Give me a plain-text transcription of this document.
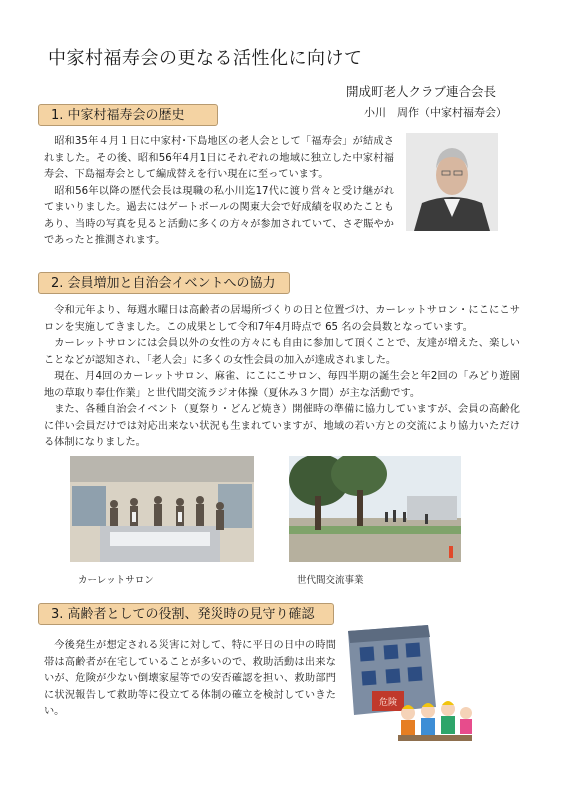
中家村福寿会の更なる活性化に向けて
開成町老人クラブ連合会長
小川　周作（中家村福寿会）
1. 中家村福寿会の歴史

昭和35年４月１日に中家村･下島地区の老人会として「福寿会」が結成されました。その後、昭和56年4月1日にそれぞれの地域に独立した中家村福寿会、下島福寿会として編成替えを行い現在に至っています。

昭和56年以降の歴代会長は現職の私小川迄17代に渡り営々と受け継がれてまいりました。過去にはゲートボールの関東大会で好成績を収めたこともあり、当時の写真を見ると活動に多くの方々が参加されていて、さぞ賑やかであったと推測されます。

2. 会員増加と自治会イベントへの協力

令和元年より、毎週水曜日は高齢者の居場所づくりの日と位置づけ、カーレットサロン・にこにこサロンを実施してきました。この成果として令和7年4月時点で 65 名の会員数となっています。

カーレットサロンには会員以外の女性の方々にも自由に参加して頂くことで、友達が増えた、楽しいことなどが認知され、「老人会」に多くの女性会員の加入が達成されました。

現在、月4回のカーレットサロン、麻雀、にこにこサロン、毎四半期の誕生会と年2回の「みどり遊園地の草取り奉仕作業」と世代間交流ラジオ体操（夏休み３ケ間）が主な活動です。

また、各種自治会イベント（夏祭り・どんど焼き）開催時の準備に協力していますが、会員の高齢化に伴い会員だけでは対応出来ない状況も生まれていますが、地域の若い方との交流により協力いただける体制になりました。

カーレットサロン	世代間交流事業
3. 高齢者としての役割、発災時の見守り確認

今後発生が想定される災害に対して、特に平日の日中の時間帯は高齢者が在宅していることが多いので、救助活動は出来ないが、危険が少ない倒壊家屋等での安否確認を担い、救助部門に状況報告して救助等に役立てる体制の確立を検討していきたい。

危険
